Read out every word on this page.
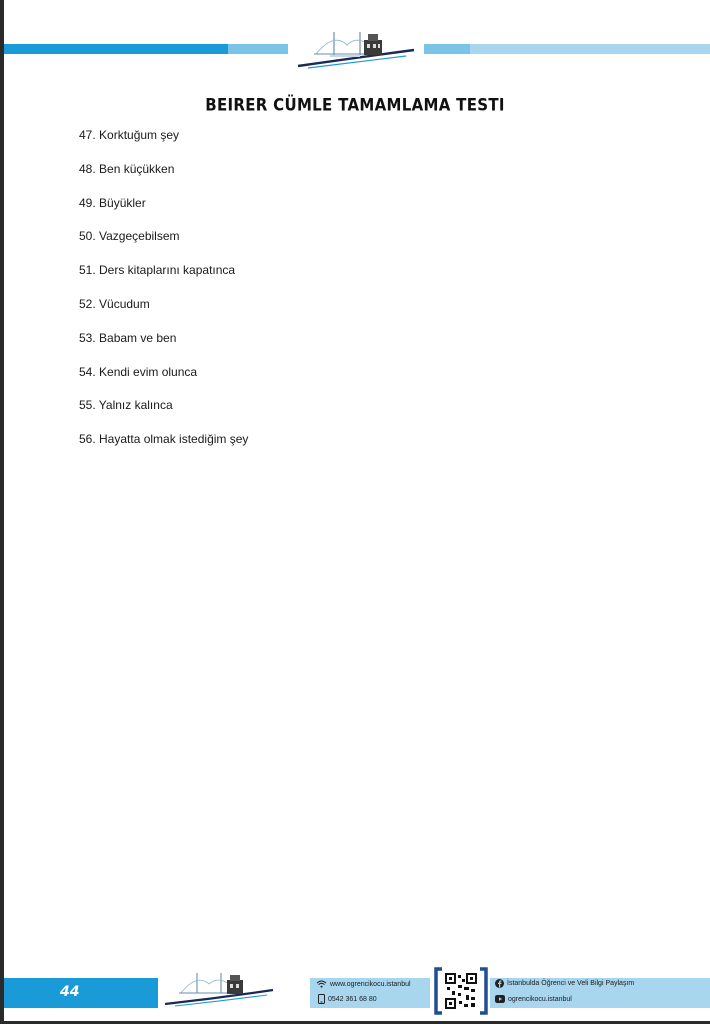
BEIRER CÜMLE TAMAMLAMA TESTI
47. Korktuğum şey
48. Ben küçükken
49. Büyükler
50. Vazgeçebilsem
51. Ders kitaplarını kapatınca
52. Vücudum
53. Babam ve ben
54. Kendi evim olunca
55. Yalnız kalınca
56. Hayatta olmak istediğim şey
44	www.ogrencikocu.istanbul
0542 361 68 80
İstanbulda Öğrenci ve Veli Bilgi Paylaşım
ogrencikocu.istanbul
